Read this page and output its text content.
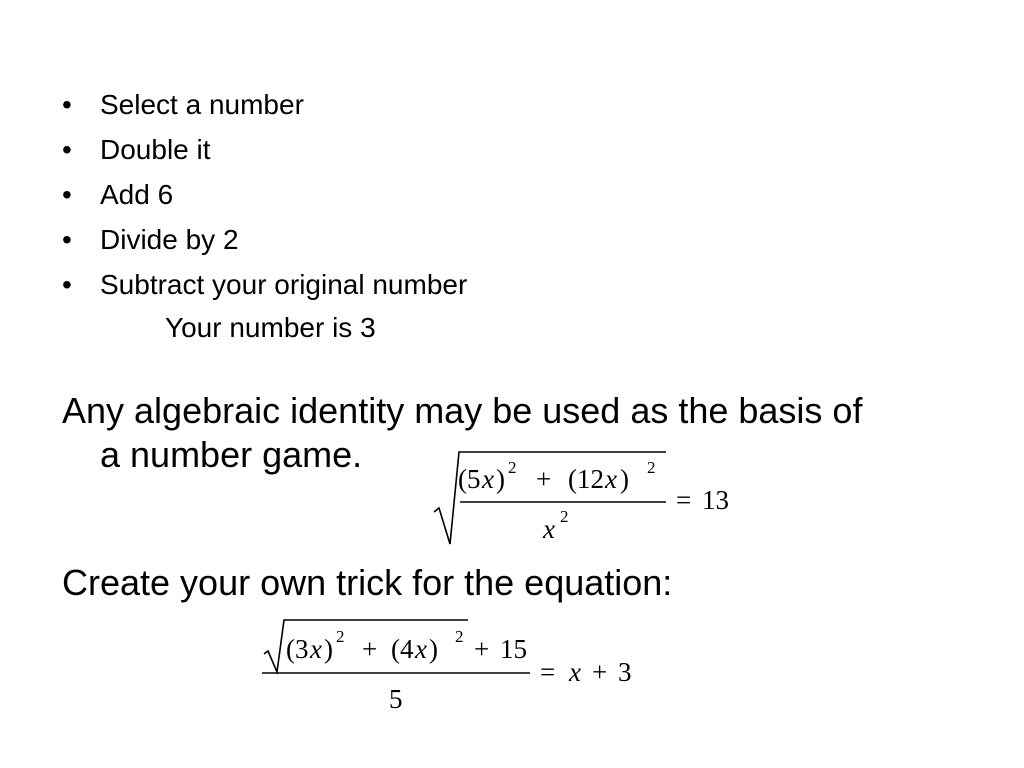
• Select a number
• Double it
• Add 6
• Divide by 2
• Subtract your original number
Your number is 3
Any algebraic identity may be used as the basis of
a number game.
( 5 x ) 2 + ( 12 x ) 2
x 2
= 13
Create your own trick for the equation:
( 3 x ) 2 + ( 4 x ) 2 + 15
5
= x + 3
